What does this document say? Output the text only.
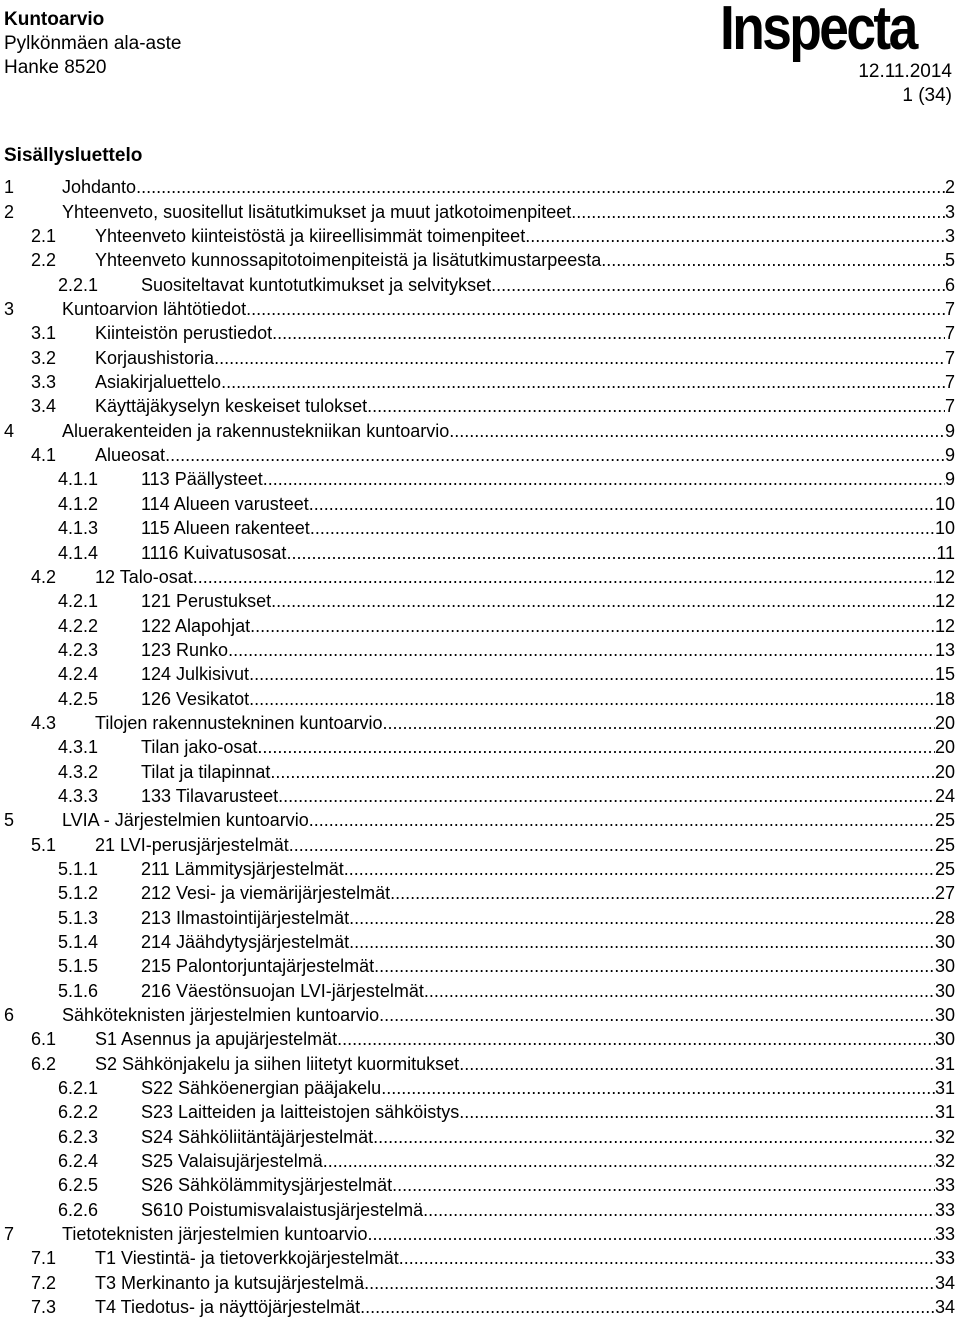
Kuntoarvio
Pylkönmäen ala-aste
Hanke 8520
Inspecta
12.11.2014
1 (34)
Sisällysluettelo
1	Johdanto .....	2
2	Yhteenveto, suositellut lisätutkimukset ja muut jatkotoimenpiteet .....	3
2.1	Yhteenveto kiinteistöstä ja kiireellisimmät toimenpiteet. .....	3
2.2	Yhteenveto kunnossapitotoimenpiteistä ja lisätutkimustarpeesta .....	5
2.2.1	Suositeltavat kuntotutkimukset ja selvitykset .....	6
3	Kuntoarvion lähtötiedot .....	7
3.1	Kiinteistön perustiedot .....	7
3.2	Korjaushistoria .....	7
3.3	Asiakirjaluettelo .....	7
3.4	Käyttäjäkyselyn keskeiset tulokset .....	7
4	Aluerakenteiden ja rakennustekniikan kuntoarvio .....	9
4.1	Alueosat .....	9
4.1.1	113 Päällysteet .....	9
4.1.2	114 Alueen varusteet .....	10
4.1.3	115 Alueen rakenteet .....	10
4.1.4	1116 Kuivatusosat .....	11
4.2	12 Talo-osat .....	12
4.2.1	121 Perustukset .....	12
4.2.2	122 Alapohjat .....	12
4.2.3	123 Runko .....	13
4.2.4	124 Julkisivut .....	15
4.2.5	126 Vesikatot .....	18
4.3	Tilojen rakennustekninen kuntoarvio .....	20
4.3.1	Tilan jako-osat .....	20
4.3.2	Tilat ja tilapinnat .....	20
4.3.3	133 Tilavarusteet .....	24
5	LVIA - Järjestelmien kuntoarvio .....	25
5.1	21 LVI-perusjärjestelmät .....	25
5.1.1	211 Lämmitysjärjestelmät .....	25
5.1.2	212 Vesi- ja viemärijärjestelmät .....	27
5.1.3	213 Ilmastointijärjestelmät .....	28
5.1.4	214 Jäähdytysjärjestelmät .....	30
5.1.5	215 Palontorjuntajärjestelmät .....	30
5.1.6	216 Väestönsuojan LVI-järjestelmät .....	30
6	Sähköteknisten järjestelmien kuntoarvio .....	30
6.1	S1 Asennus ja apujärjestelmät .....	30
6.2	S2 Sähkönjakelu ja siihen liitetyt kuormitukset .....	31
6.2.1	S22 Sähköenergian pääjakelu .....	31
6.2.2	S23 Laitteiden ja laitteistojen sähköistys .....	31
6.2.3	S24 Sähköliitäntäjärjestelmät .....	32
6.2.4	S25 Valaisujärjestelmä .....	32
6.2.5	S26 Sähkölämmitysjärjestelmät .....	33
6.2.6	S610 Poistumisvalaistusjärjestelmä .....	33
7	Tietoteknisten järjestelmien kuntoarvio .....	33
7.1	T1 Viestintä- ja tietoverkkojärjestelmät .....	33
7.2	T3 Merkinanto ja kutsujärjestelmä .....	34
7.3	T4 Tiedotus- ja näyttöjärjestelmät .....	34
